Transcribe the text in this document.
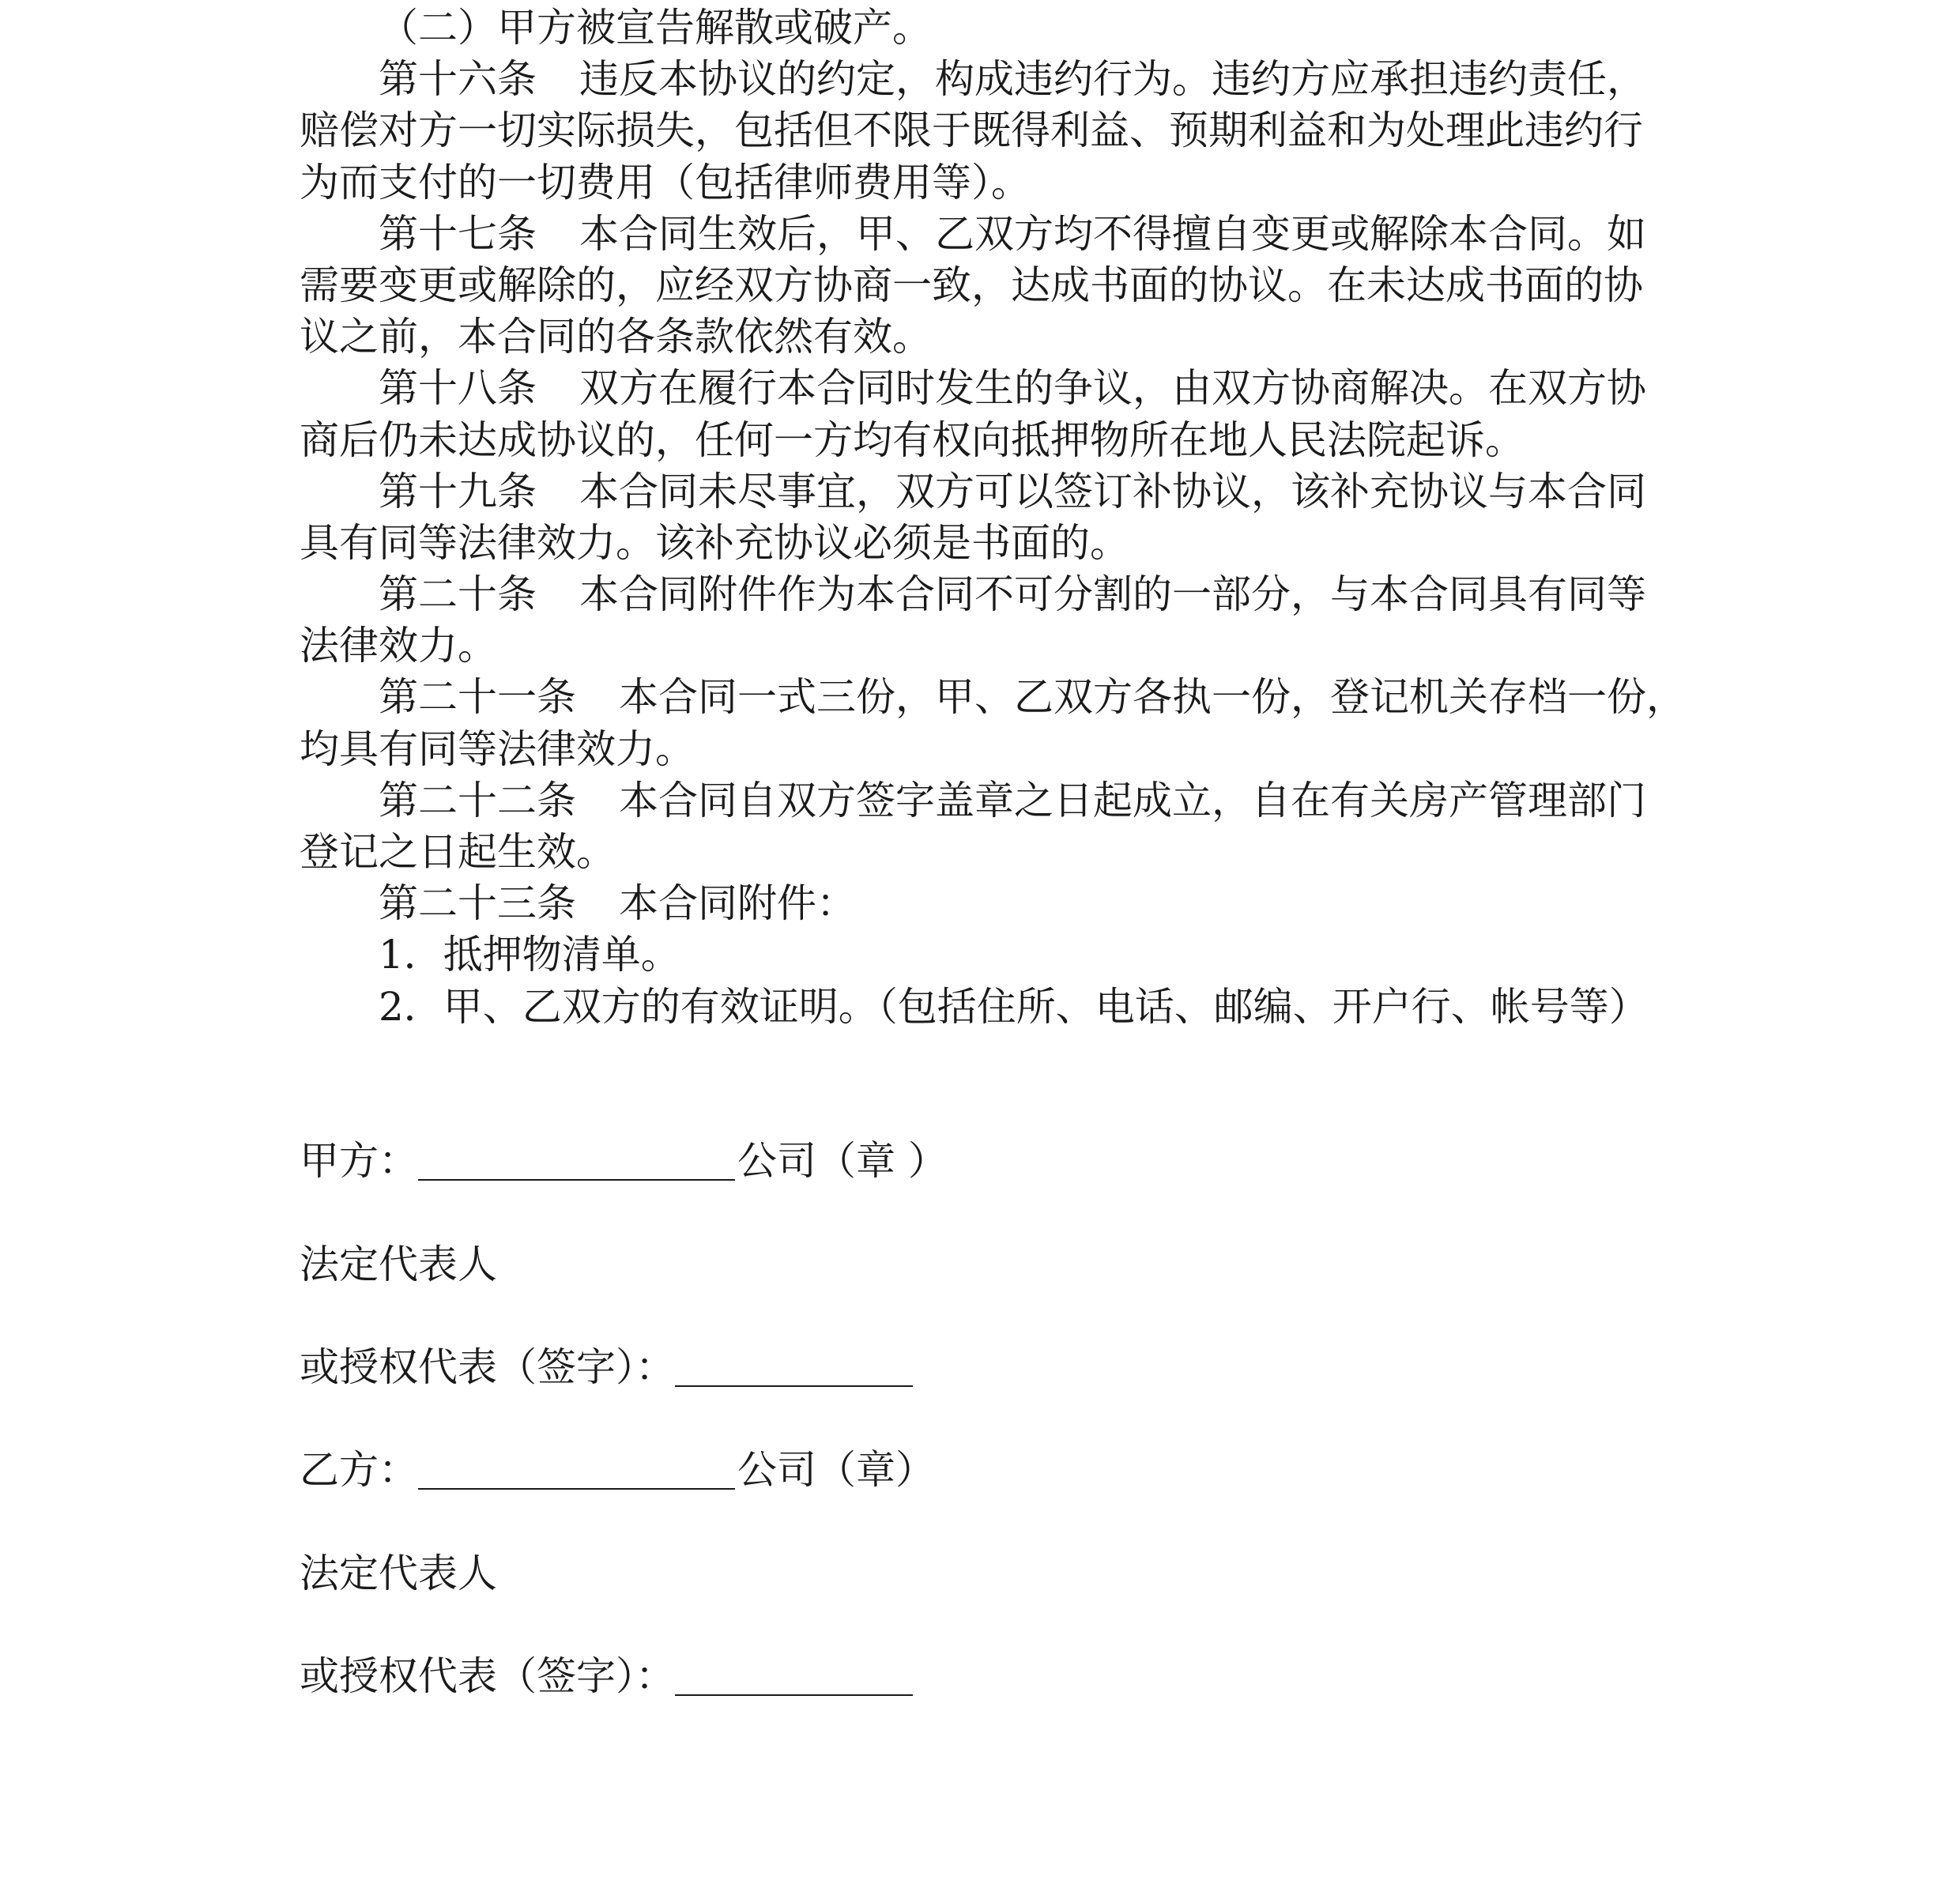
（二）甲方被宣告解散或破产。
第十六条 违反本协议的约定，构成违约行为。违约方应承担违约责任，
赔偿对方一切实际损失，包括但不限于既得利益、预期利益和为处理此违约行
为而支付的一切费用（包括律师费用等）。
第十七条 本合同生效后，甲、乙双方均不得擅自变更或解除本合同。如
需要变更或解除的，应经双方协商一致，达成书面的协议。在未达成书面的协
议之前，本合同的各条款依然有效。
第十八条 双方在履行本合同时发生的争议，由双方协商解决。在双方协
商后仍未达成协议的，任何一方均有权向抵押物所在地人民法院起诉。
第十九条 本合同未尽事宜，双方可以签订补协议，该补充协议与本合同
具有同等法律效力。该补充协议必须是书面的。
第二十条 本合同附件作为本合同不可分割的一部分，与本合同具有同等
法律效力。
第二十一条 本合同一式三份，甲、乙双方各执一份，登记机关存档一份，
均具有同等法律效力。
第二十二条 本合同自双方签字盖章之日起成立，自在有关房产管理部门
登记之日起生效。
第二十三条 本合同附件：
1．抵押物清单。
2．甲、乙双方的有效证明。（包括住所、电话、邮编、开户行、帐号等）
甲方：	公司（章 ）
法定代表人
或授权代表（签字）：
乙方：	公司（章）
法定代表人
或授权代表（签字）：
